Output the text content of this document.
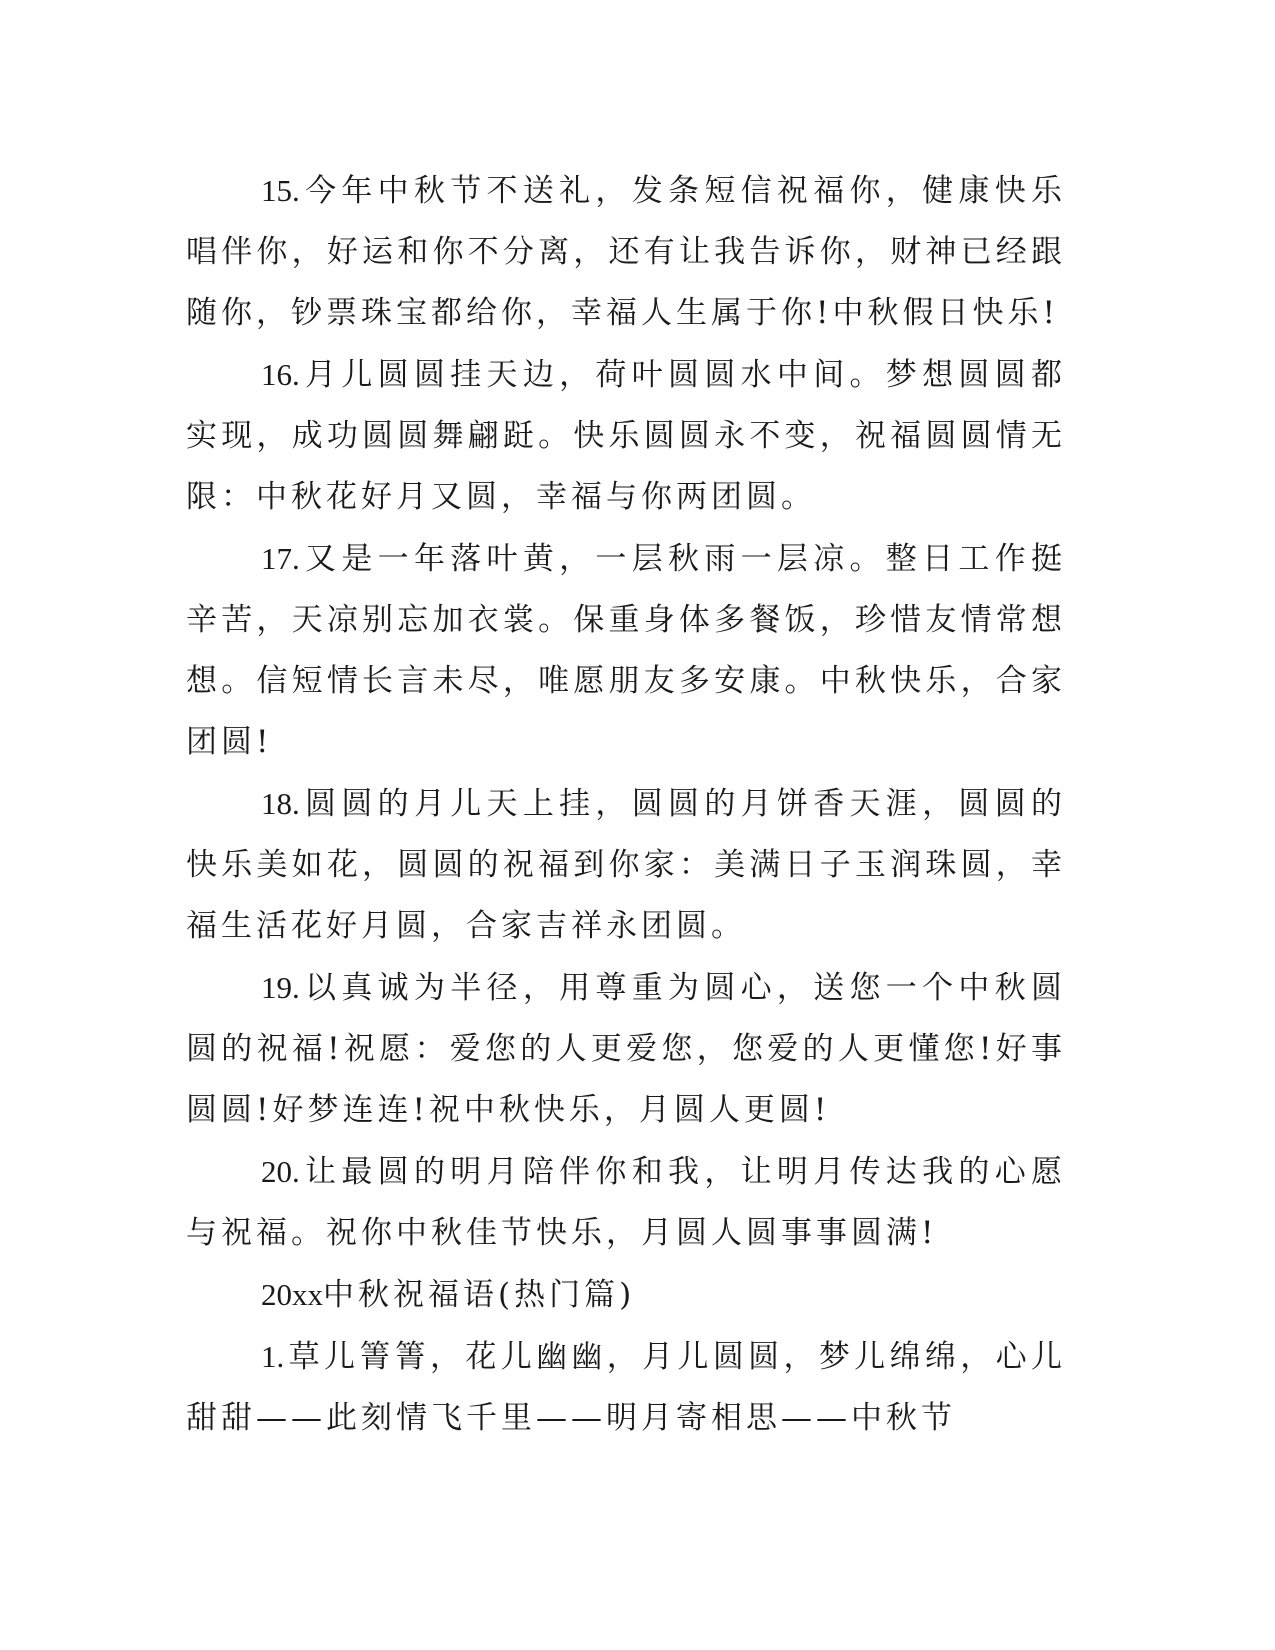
15. 今年中秋节不送礼，发条短信祝福你，健康快乐唱伴你，好运和你不分离，还有让我告诉你，财神已经跟随你，钞票珠宝都给你，幸福人生属于你!中秋假日快乐!

16. 月儿圆圆挂天边，荷叶圆圆水中间。梦想圆圆都实现，成功圆圆舞翩跹。快乐圆圆永不变，祝福圆圆情无限：中秋花好月又圆，幸福与你两团圆。

17. 又是一年落叶黄，一层秋雨一层凉。整日工作挺辛苦，天凉别忘加衣裳。保重身体多餐饭，珍惜友情常想想。信短情长言未尽，唯愿朋友多安康。中秋快乐，合家团圆!

18. 圆圆的月儿天上挂，圆圆的月饼香天涯，圆圆的快乐美如花，圆圆的祝福到你家：美满日子玉润珠圆，幸福生活花好月圆，合家吉祥永团圆。

19. 以真诚为半径，用尊重为圆心，送您一个中秋圆圆的祝福!祝愿：爱您的人更爱您，您爱的人更懂您!好事圆圆!好梦连连!祝中秋快乐，月圆人更圆!

20. 让最圆的明月陪伴你和我，让明月传达我的心愿与祝福。祝你中秋佳节快乐，月圆人圆事事圆满!

20xx中秋祝福语(热门篇)

1. 草儿箐箐，花儿幽幽，月儿圆圆，梦儿绵绵，心儿甜甜——此刻情飞千里——明月寄相思——中秋节
